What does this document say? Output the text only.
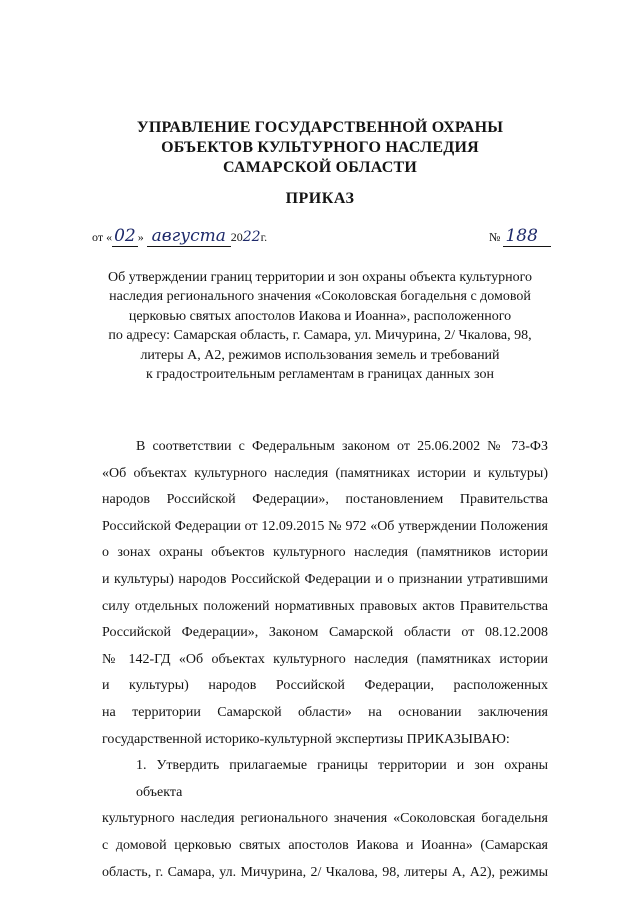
УПРАВЛЕНИЕ ГОСУДАРСТВЕННОЙ ОХРАНЫ
ОБЪЕКТОВ КУЛЬТУРНОГО НАСЛЕДИЯ
САМАРСКОЙ ОБЛАСТИ
ПРИКАЗ
от « 02 » августа 2022г.	№ 188
Об утверждении границ территории и зон охраны объекта культурного
наследия регионального значения «Соколовская богадельня с домовой
церковью святых апостолов Иакова и Иоанна», расположенного
по адресу: Самарская область, г. Самара, ул. Мичурина, 2/ Чкалова, 98,
литеры А, А2, режимов использования земель и требований
к градостроительным регламентам в границах данных зон
В соответствии с Федеральным законом от 25.06.2002 № 73-ФЗ
«Об объектах культурного наследия (памятниках истории и культуры)
народов Российской Федерации», постановлением Правительства
Российской Федерации от 12.09.2015 № 972 «Об утверждении Положения
о зонах охраны объектов культурного наследия (памятников истории
и культуры) народов Российской Федерации и о признании утратившими
силу отдельных положений нормативных правовых актов Правительства
Российской Федерации», Законом Самарской области от 08.12.2008
№ 142-ГД «Об объектах культурного наследия (памятниках истории
и культуры) народов Российской Федерации, расположенных
на территории Самарской области» на основании заключения
государственной историко-культурной экспертизы ПРИКАЗЫВАЮ:
1. Утвердить прилагаемые границы территории и зон охраны объекта
культурного наследия регионального значения «Соколовская богадельня
с домовой церковью святых апостолов Иакова и Иоанна» (Самарская
область, г. Самара, ул. Мичурина, 2/ Чкалова, 98, литеры А, А2), режимы
